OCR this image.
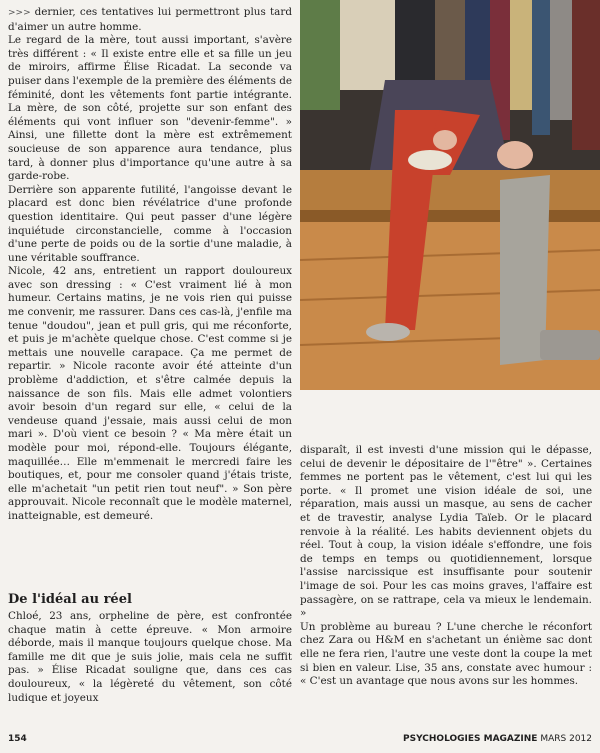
>>> dernier, ces tentatives lui permettront plus tard d'aimer un autre homme.

Le regard de la mère, tout aussi important, s'avère très différent : « Il existe entre elle et sa fille un jeu de miroirs, affirme Élise Ricadat. La seconde va puiser dans l'exemple de la première des éléments de féminité, dont les vêtements font partie intégrante. La mère, de son côté, projette sur son enfant des éléments qui vont influer son "devenir-femme". » Ainsi, une fillette dont la mère est extrêmement soucieuse de son apparence aura tendance, plus tard, à donner plus d'importance qu'une autre à sa garde-robe.

Derrière son apparente futilité, l'angoisse devant le placard est donc bien révélatrice d'une profonde question identitaire. Qui peut passer d'une légère inquiétude circonstancielle, comme à l'occasion d'une perte de poids ou de la sortie d'une maladie, à une véritable souffrance.

Nicole, 42 ans, entretient un rapport douloureux avec son dressing : « C'est vraiment lié à mon humeur. Certains matins, je ne vois rien qui puisse me convenir, me rassurer. Dans ces cas-là, j'enfile ma tenue "doudou", jean et pull gris, qui me réconforte, et puis je m'achète quelque chose. C'est comme si je mettais une nouvelle carapace. Ça me permet de repartir. » Nicole raconte avoir été atteinte d'un problème d'addiction, et s'être calmée depuis la naissance de son fils. Mais elle admet volontiers avoir besoin d'un regard sur elle, « celui de la vendeuse quand j'essaie, mais aussi celui de mon mari ». D'où vient ce besoin ? « Ma mère était un modèle pour moi, répond-elle. Toujours élégante, maquillée… Elle m'emmenait le mercredi faire les boutiques, et, pour me consoler quand j'étais triste, elle m'achetait "un petit rien tout neuf". » Son père approuvait. Nicole reconnaît que le modèle maternel, inatteignable, est demeuré.

De l'idéal au réel

Chloé, 23 ans, orpheline de père, est confrontée chaque matin à cette épreuve. « Mon armoire déborde, mais il manque toujours quelque chose. Ma famille me dit que je suis jolie, mais cela ne suffit pas. » Élise Ricadat souligne que, dans ces cas douloureux, « la légèreté du vêtement, son côté ludique et joyeux

disparaît, il est investi d'une mission qui le dépasse, celui de devenir le dépositaire de l'"être" ». Certaines femmes ne portent pas le vêtement, c'est lui qui les porte. « Il promet une vision idéale de soi, une réparation, mais aussi un masque, au sens de cacher et de travestir, analyse Lydia Taïeb. Or le placard renvoie à la réalité. Les habits deviennent objets du réel. Tout à coup, la vision idéale s'effondre, une fois de temps en temps ou quotidiennement, lorsque l'assise narcissique est insuffisante pour soutenir l'image de soi. Pour les cas moins graves, l'affaire est passagère, on se rattrape, cela va mieux le lendemain. »

Un problème au bureau ? L'une cherche le réconfort chez Zara ou H&M en s'achetant un énième sac dont elle ne fera rien, l'autre une veste dont la coupe la met si bien en valeur. Lise, 35 ans, constate avec humour : « C'est un avantage que nous avons sur les hommes.

154	PSYCHOLOGIES MAGAZINE MARS 2012
